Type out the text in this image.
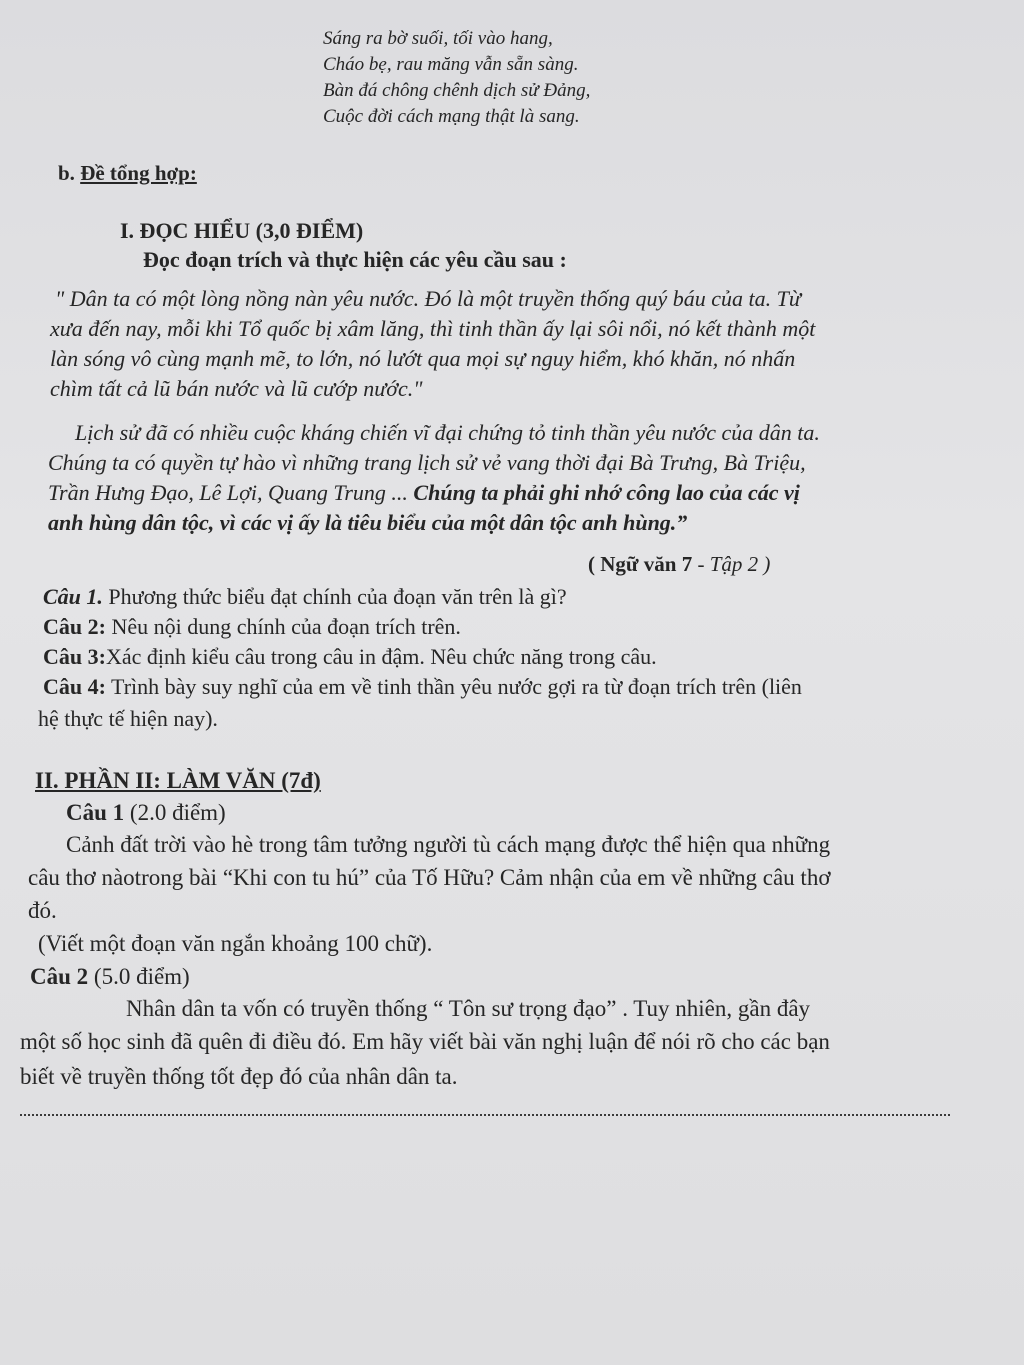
Sáng ra bờ suối, tối vào hang,
Cháo bẹ, rau măng vẫn sẵn sàng.
Bàn đá chông chênh dịch sử Đảng,
Cuộc đời cách mạng thật là sang.
b. Đề tổng hợp:
I. ĐỌC HIỂU (3,0 ĐIỂM)
Đọc đoạn trích và thực hiện các yêu cầu sau :
" Dân ta có một lòng nồng nàn yêu nước. Đó là một truyền thống quý báu của ta. Từ
xưa đến nay, mỗi khi Tổ quốc bị xâm lăng, thì tinh thần ấy lại sôi nổi, nó kết thành một
làn sóng vô cùng mạnh mẽ, to lớn, nó lướt qua mọi sự nguy hiểm, khó khăn, nó nhấn
chìm tất cả lũ bán nước và lũ cướp nước."
Lịch sử đã có nhiều cuộc kháng chiến vĩ đại chứng tỏ tinh thần yêu nước của dân ta.
Chúng ta có quyền tự hào vì những trang lịch sử vẻ vang thời đại Bà Trưng, Bà Triệu,
Trần Hưng Đạo, Lê Lợi, Quang Trung ... Chúng ta phải ghi nhớ công lao của các vị
anh hùng dân tộc, vì các vị ấy là tiêu biểu của một dân tộc anh hùng.”
( Ngữ văn 7 - Tập 2 )
Câu 1. Phương thức biểu đạt chính của đoạn văn trên là gì?
Câu 2: Nêu nội dung chính của đoạn trích trên.
Câu 3:Xác định kiểu câu trong câu in đậm. Nêu chức năng trong câu.
Câu 4: Trình bày suy nghĩ của em về tinh thần yêu nước gợi ra từ đoạn trích trên (liên
hệ thực tế hiện nay).
II. PHẦN II: LÀM VĂN (7đ)
Câu 1 (2.0 điểm)
Cảnh đất trời vào hè trong tâm tưởng người tù cách mạng được thể hiện qua những
câu thơ nàotrong bài “Khi con tu hú” của Tố Hữu? Cảm nhận của em về những câu thơ
đó.
(Viết một đoạn văn ngắn khoảng 100 chữ).
Câu 2 (5.0 điểm)
Nhân dân ta vốn có truyền thống “ Tôn sư trọng đạo” . Tuy nhiên, gần đây
một số học sinh đã quên đi điều đó. Em hãy viết bài văn nghị luận để nói rõ cho các bạn
biết về truyền thống tốt đẹp đó của nhân dân ta.
